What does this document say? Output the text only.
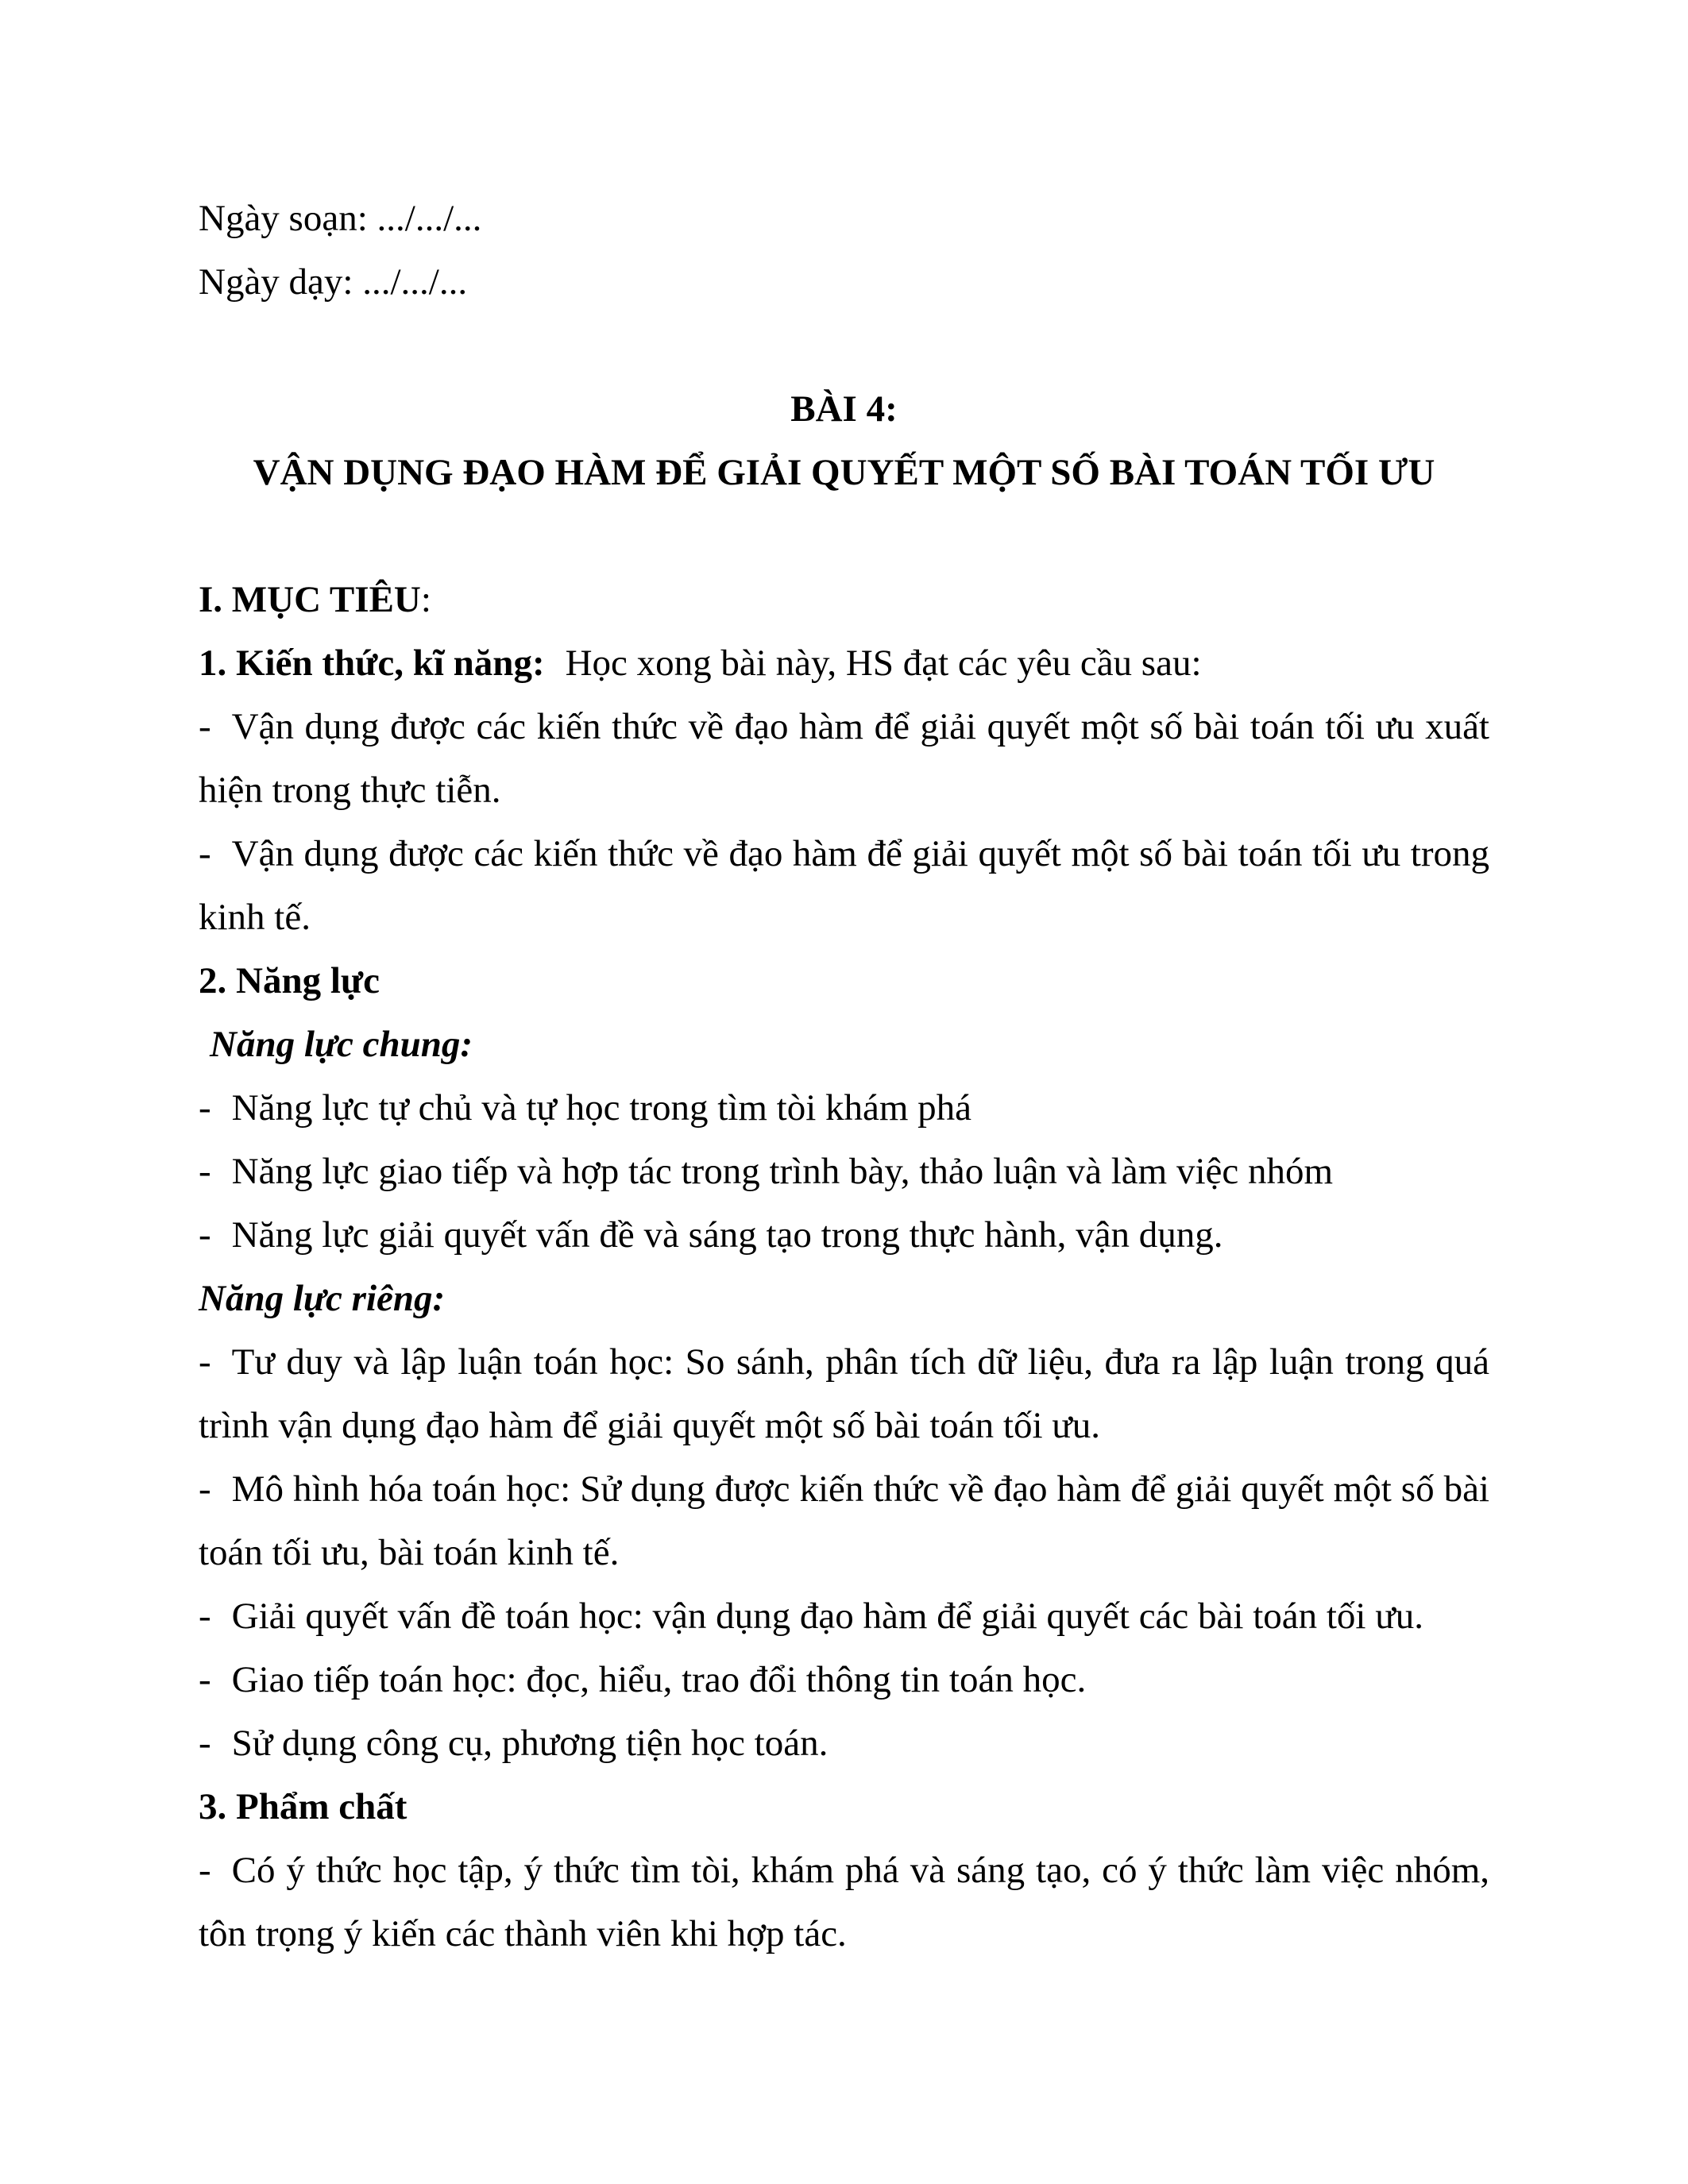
Ngày soạn: .../.../...
Ngày dạy: .../.../...
BÀI 4:
VẬN DỤNG ĐẠO HÀM ĐỂ GIẢI QUYẾT MỘT SỐ BÀI TOÁN TỐI ƯU
I. MỤC TIÊU:
1. Kiến thức, kĩ năng: Học xong bài này, HS đạt các yêu cầu sau:

- Vận dụng được các kiến thức về đạo hàm để giải quyết một số bài toán tối ưu xuất hiện trong thực tiễn.

- Vận dụng được các kiến thức về đạo hàm để giải quyết một số bài toán tối ưu trong kinh tế.

2. Năng lực
Năng lực chung:

- Năng lực tự chủ và tự học trong tìm tòi khám phá

- Năng lực giao tiếp và hợp tác trong trình bày, thảo luận và làm việc nhóm

- Năng lực giải quyết vấn đề và sáng tạo trong thực hành, vận dụng.

Năng lực riêng:

- Tư duy và lập luận toán học: So sánh, phân tích dữ liệu, đưa ra lập luận trong quá trình vận dụng đạo hàm để giải quyết một số bài toán tối ưu.

- Mô hình hóa toán học: Sử dụng được kiến thức về đạo hàm để giải quyết một số bài toán tối ưu, bài toán kinh tế.

- Giải quyết vấn đề toán học: vận dụng đạo hàm để giải quyết các bài toán tối ưu.

- Giao tiếp toán học: đọc, hiểu, trao đổi thông tin toán học.

- Sử dụng công cụ, phương tiện học toán.

3. Phẩm chất

- Có ý thức học tập, ý thức tìm tòi, khám phá và sáng tạo, có ý thức làm việc nhóm, tôn trọng ý kiến các thành viên khi hợp tác.
